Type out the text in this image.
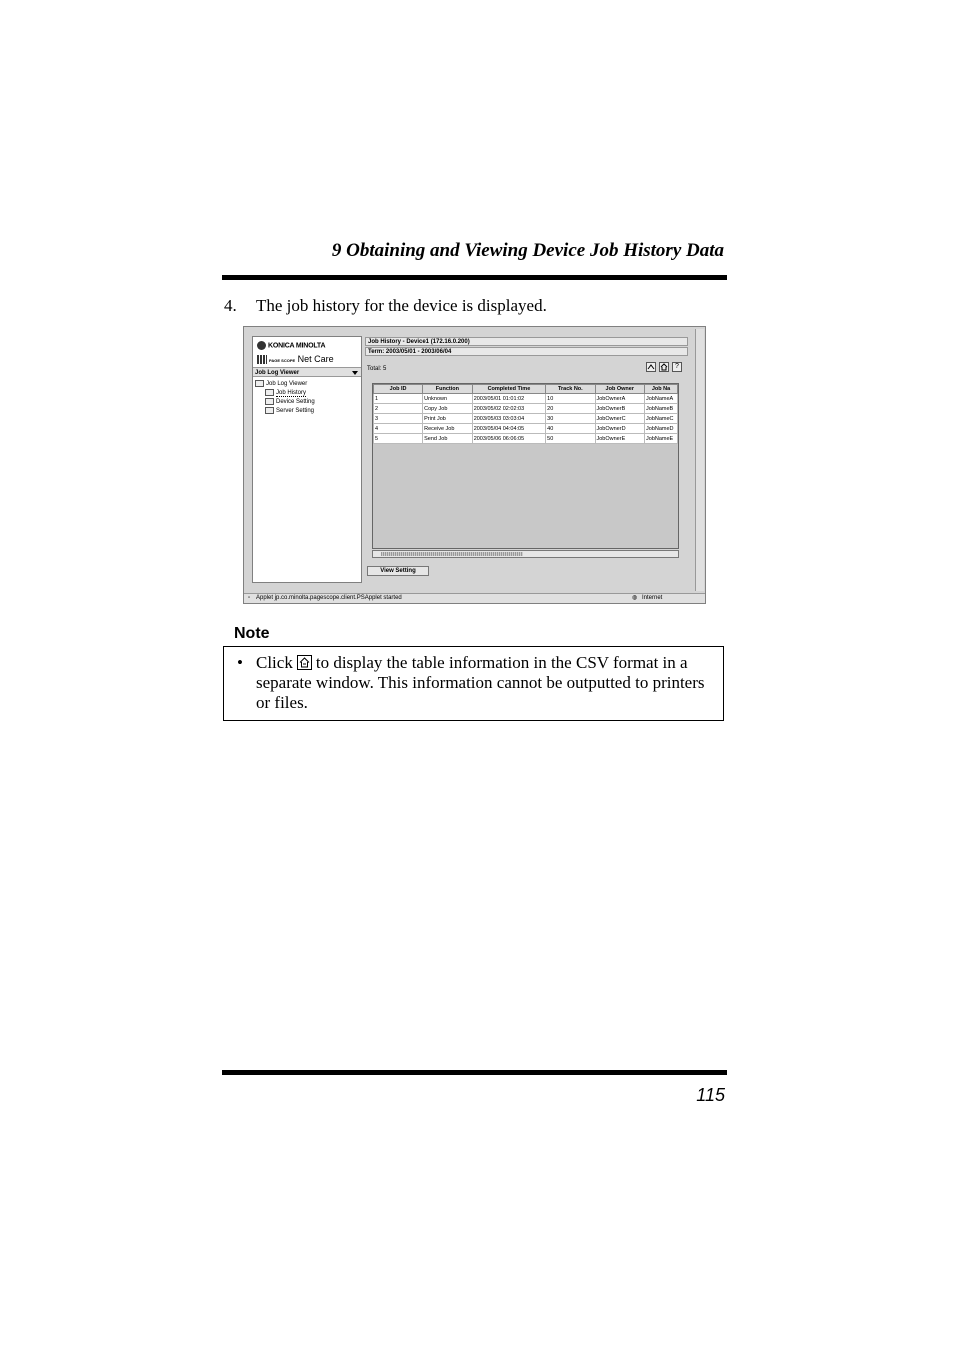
9 Obtaining and Viewing Device Job History Data
4. The job history for the device is displayed.
KONICA MINOLTA
PAGE SCOPE Net Care
Job Log Viewer
Job Log Viewer
Job History
Device Setting
Server Setting
Job History - Device1 (172.16.0.200)
Term: 2003/05/01 - 2003/06/04
Total: 5	?
Job ID	Function	Completed Time	Track No.	Job Owner	Job Na
1	Unknown	2003/05/01 01:01:02	10	JobOwnerA	JobNameA
2	Copy Job	2003/05/02 02:02:03	20	JobOwnerB	JobNameB
3	Print Job	2003/05/03 03:03:04	30	JobOwnerC	JobNameC
4	Receive Job	2003/05/04 04:04:05	40	JobOwnerD	JobNameD
5	Send Job	2003/05/06 06:06:05	50	JobOwnerE	JobNameE
View Setting
▫ Applet jp.co.minolta.pagescope.client.PSApplet started	◍ Internet
Note
• Click to display the table information in the CSV format in a separate window. This information cannot be outputted to printers or files.
115
